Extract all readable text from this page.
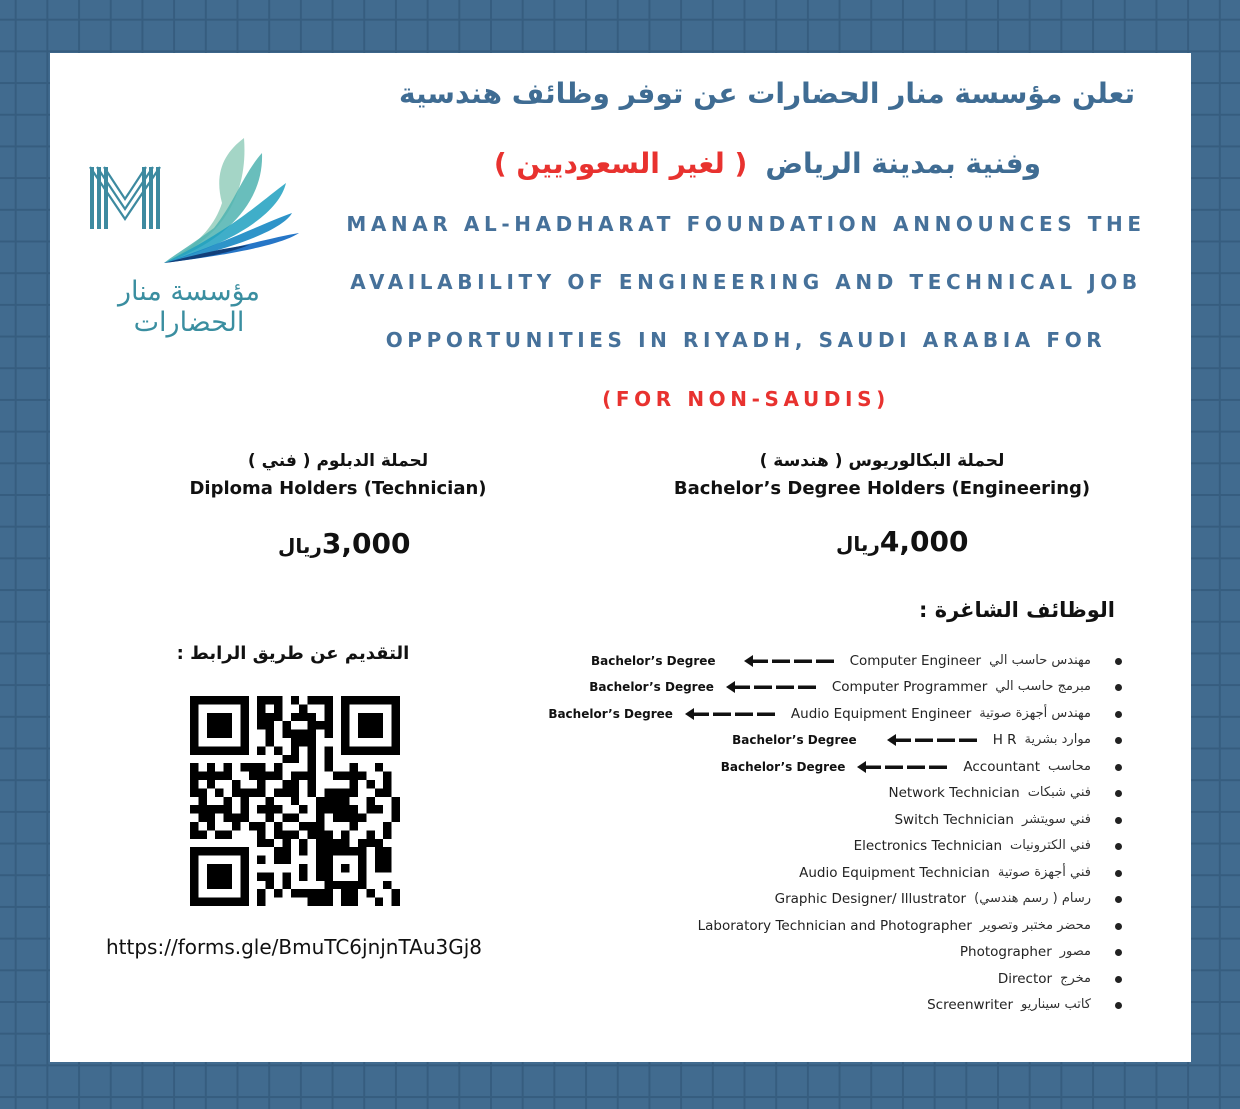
مؤسسة منار الحضارات
تعلن مؤسسة منار الحضارات عن توفر وظائف هندسية
وفنية بمدينة الرياض( لغير السعوديين )
MANAR AL-HADHARAT FOUNDATION ANNOUNCES THE
AVAILABILITY OF ENGINEERING AND TECHNICAL JOB
OPPORTUNITIES IN RIYADH, SAUDI ARABIA FOR
(FOR NON-SAUDIS)
لحملة البكالوريوس ( هندسة )
Bachelor’s Degree Holders (Engineering)
4,000ريال
لحملة الدبلوم ( فني )
Diploma Holders (Technician)
3,000ريال
الوظائف الشاغرة :
مهندس حاسب الي
Computer Engineer
Bachelor’s Degree
مبرمج حاسب الي
Computer Programmer
Bachelor’s Degree
مهندس أجهزة صوتية
Audio Equipment Engineer
Bachelor’s Degree
موارد بشرية
H R
Bachelor’s Degree
محاسب
Accountant
Bachelor’s Degree
فني شبكات
Network Technician
فني سويتشر
Switch Technician
فني الكترونيات
Electronics Technician
فني أجهزة صوتية
Audio Equipment Technician
رسام ( رسم هندسي)
Graphic Designer/ Illustrator
محضر مختبر وتصوير
Laboratory Technician and Photographer
مصور
Photographer
مخرج
Director
كاتب سيناريو
Screenwriter
التقديم عن طريق الرابط :
https://forms.gle/BmuTC6jnjnTAu3Gj8
